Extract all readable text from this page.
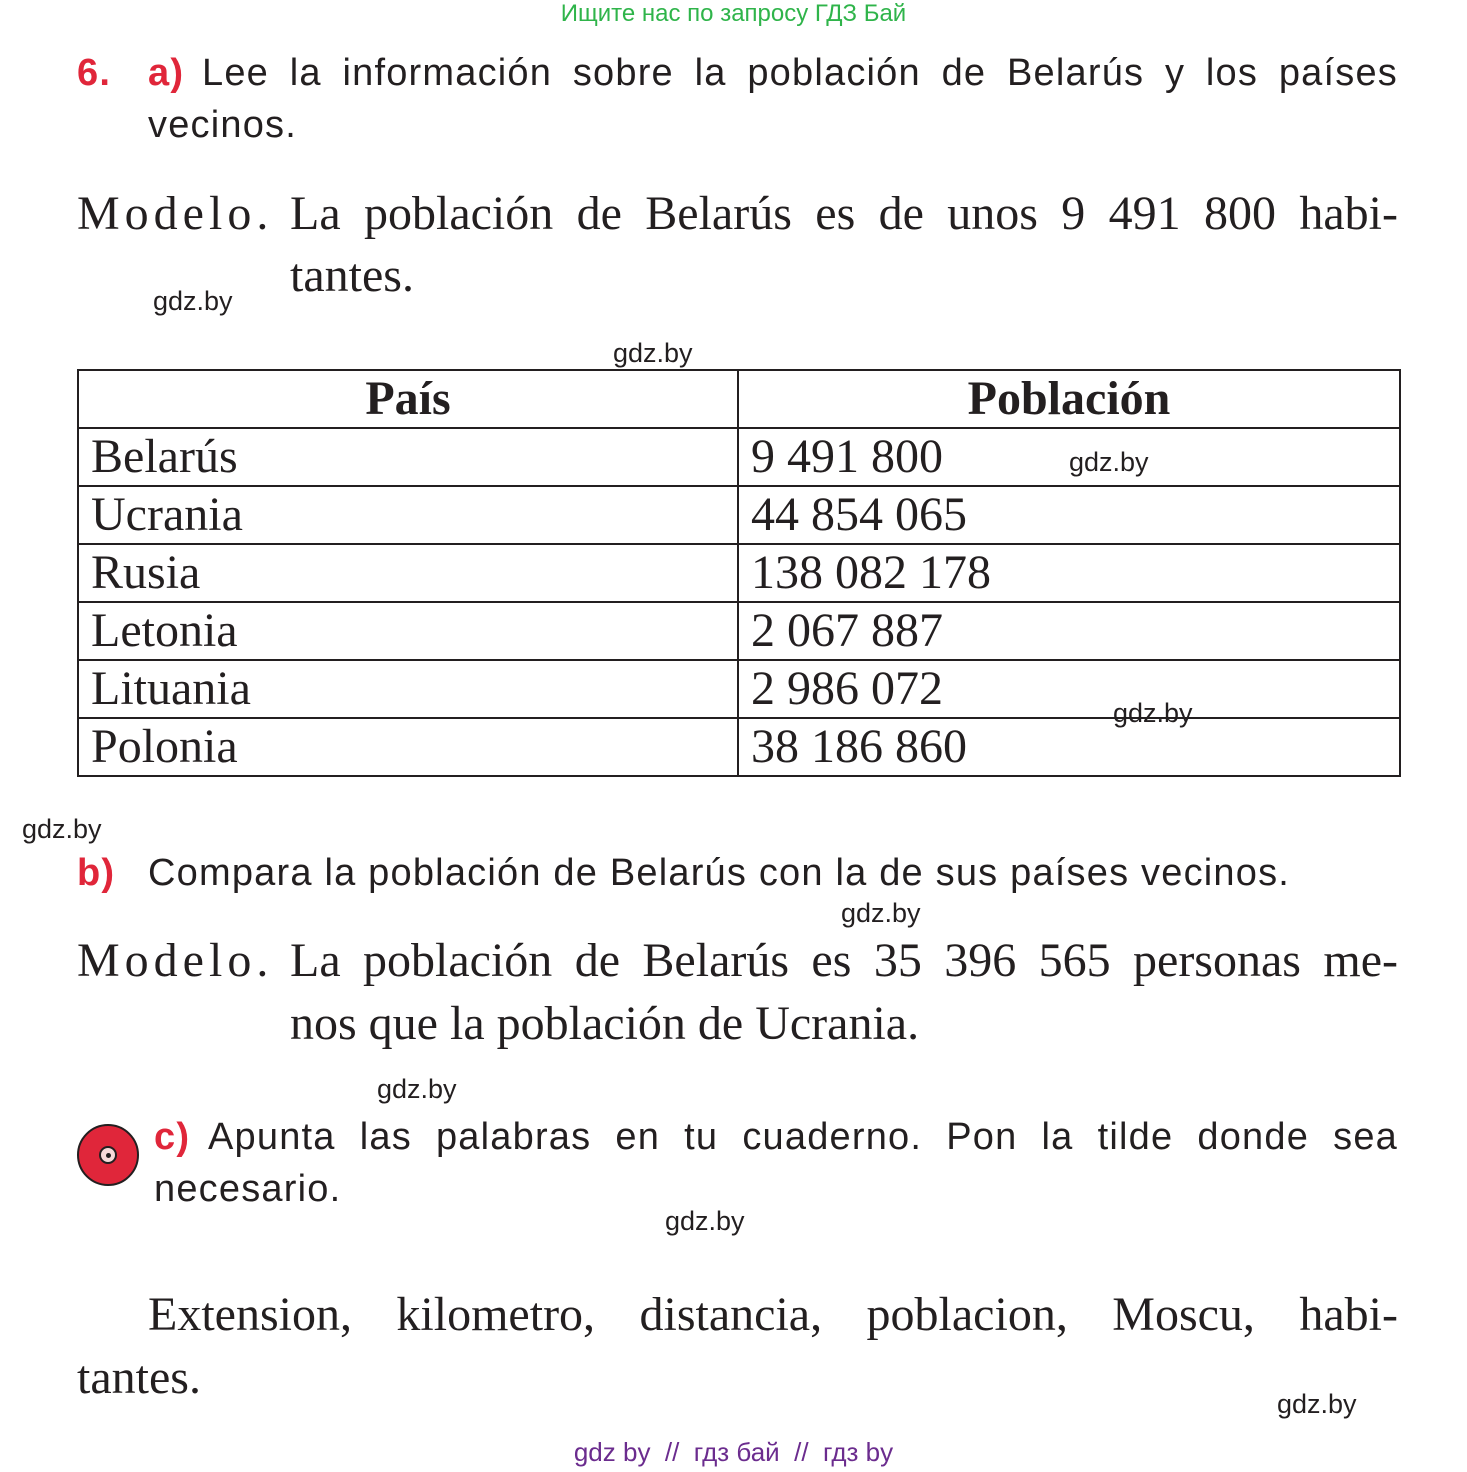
Ищите нас по запросу ГДЗ Бай
6. a) Lee la información sobre la población de Belarús y los países
vecinos.
Modelo. La población de Belarús es de unos 9 491 800 habi-
tantes.
gdz.by
gdz.by
País	Población
Belarús	9 491 800
Ucrania	44 854 065
Rusia	138 082 178
Letonia	2 067 887
Lituania	2 986 072
Polonia	38 186 860
gdz.by
gdz.by
gdz.by
b) Compara la población de Belarús con la de sus países vecinos.
gdz.by
Modelo. La población de Belarús es 35 396 565 personas me-
nos que la población de Ucrania.
gdz.by
c) Apunta las palabras en tu cuaderno. Pon la tilde donde sea
necesario.
gdz.by
Extension, kilometro, distancia, poblacion, Moscu, habi-
tantes.	gdz.by
gdz by  //  гдз бай  //  гдз by
